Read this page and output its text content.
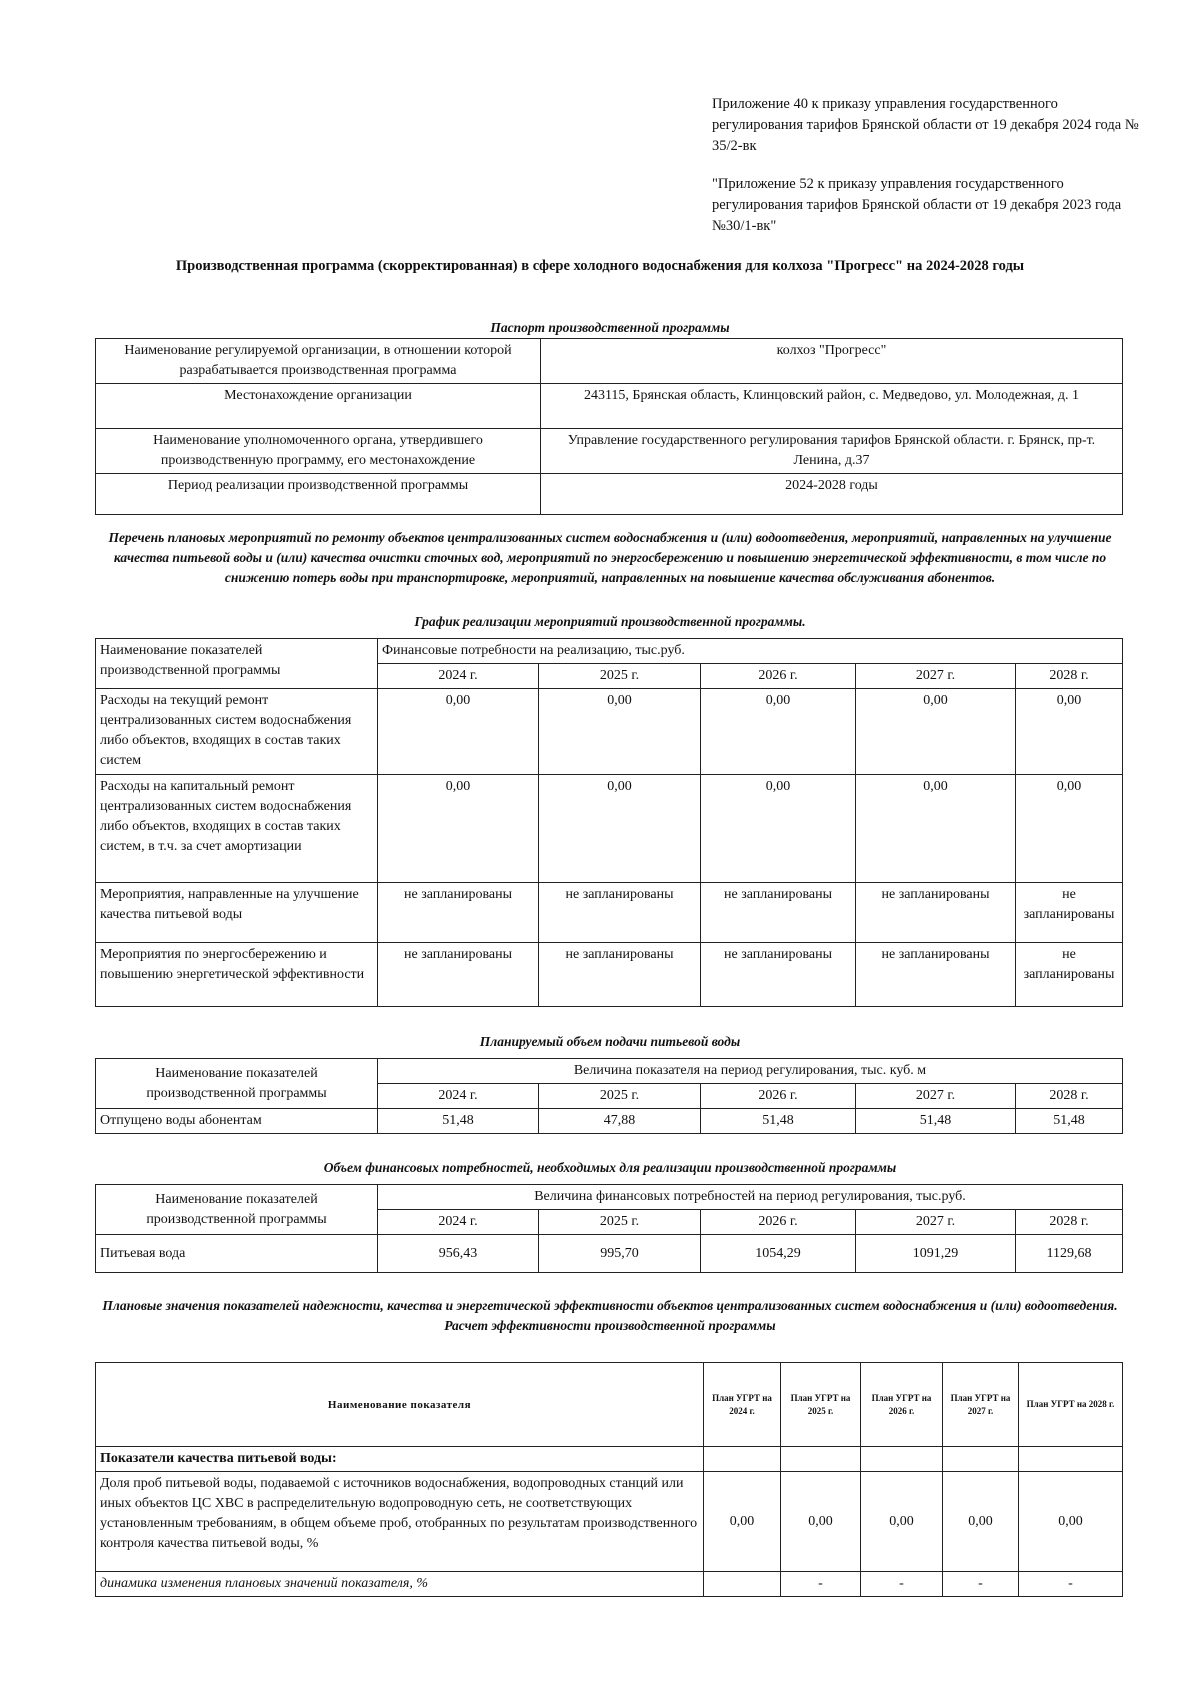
Приложение 40 к приказу управления государственного регулирования тарифов Брянской области от 19 декабря 2024 года № 35/2-вк

"Приложение 52 к приказу управления государственного регулирования тарифов Брянской области от 19 декабря 2023 года №30/1-вк"

Производственная программа (скорректированная) в сфере холодного водоснабжения для колхоза "Прогресс" на 2024-2028 годы
Паспорт производственной программы
Наименование регулируемой организации, в отношении которой разрабатывается производственная программа	колхоз "Прогресс"
Местонахождение организации	243115, Брянская область, Клинцовский район, с. Медведово, ул. Молодежная, д. 1
Наименование уполномоченного органа, утвердившего производственную программу, его местонахождение	Управление государственного регулирования тарифов Брянской области. г. Брянск, пр-т. Ленина, д.37
Период реализации производственной программы	2024-2028 годы
Перечень плановых мероприятий по ремонту объектов централизованных систем водоснабжения и (или) водоотведения, мероприятий, направленных на улучшение качества питьевой воды и (или) качества очистки сточных вод, мероприятий по энергосбережению и повышению энергетической эффективности, в том числе по снижению потерь воды при транспортировке, мероприятий, направленных на повышение качества обслуживания абонентов.
График реализации мероприятий производственной программы.
Наименование показателей производственной программы	Финансовые потребности на реализацию, тыс.руб.				
	2024 г.	2025 г.	2026 г.	2027 г.	2028 г.
Расходы на текущий ремонт централизованных систем водоснабжения либо объектов, входящих в состав таких систем	0,00	0,00	0,00	0,00	0,00
Расходы на капитальный ремонт централизованных систем водоснабжения либо объектов, входящих в состав таких систем, в т.ч. за счет амортизации	0,00	0,00	0,00	0,00	0,00
Мероприятия, направленные на улучшение качества питьевой воды	не запланированы	не запланированы	не запланированы	не запланированы	не запланированы
Мероприятия по энергосбережению и повышению энергетической эффективности	не запланированы	не запланированы	не запланированы	не запланированы	не запланированы
Планируемый объем подачи питьевой воды
Наименование показателей производственной программы	Величина показателя на период регулирования, тыс. куб. м				
	2024 г.	2025 г.	2026 г.	2027 г.	2028 г.
Отпущено воды абонентам	51,48	47,88	51,48	51,48	51,48
Объем финансовых потребностей, необходимых для реализации производственной программы
Наименование показателей производственной программы	Величина финансовых потребностей на период регулирования, тыс.руб.				
	2024 г.	2025 г.	2026 г.	2027 г.	2028 г.
Питьевая вода	956,43	995,70	1054,29	1091,29	1129,68
Плановые значения показателей надежности, качества и энергетической эффективности объектов централизованных систем водоснабжения и (или) водоотведения.
Расчет эффективности производственной программы
Наименование показателя	План УГРТ на 2024 г.	План УГРТ на 2025 г.	План УГРТ на 2026 г.	План УГРТ на 2027 г.	План УГРТ на 2028 г.
Показатели качества питьевой воды:					
Доля проб питьевой воды, подаваемой с источников водоснабжения, водопроводных станций или иных объектов ЦС ХВС в распределительную водопроводную сеть, не соответствующих установленным требованиям, в общем объеме проб, отобранных по результатам производственного контроля качества питьевой воды, %	0,00	0,00	0,00	0,00	0,00
динамика изменения плановых значений показателя, %		-	-	-	-
